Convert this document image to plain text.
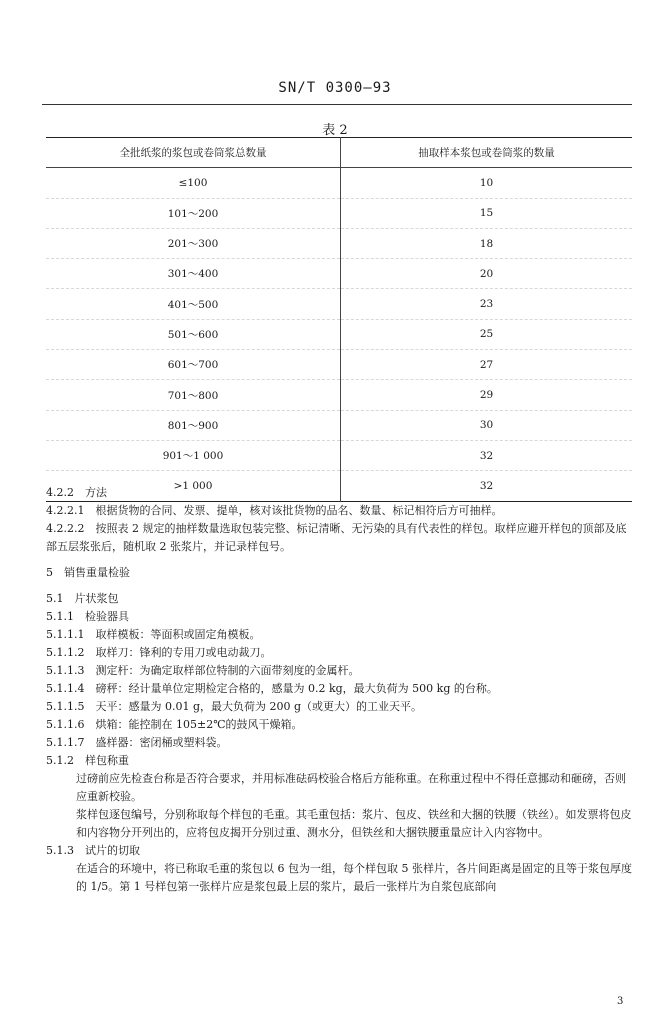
SN/T 0300—93
表 2
全批纸浆的浆包或卷筒浆总数量	抽取样本浆包或卷筒浆的数量
≤100	10
101～200	15
201～300	18
301～400	20
401～500	23
501～600	25
601～700	27
701～800	29
801～900	30
901～1 000	32
>1 000	32
4.2.2　方法
4.2.2.1　根据货物的合同、发票、提单，核对该批货物的品名、数量、标记相符后方可抽样。
4.2.2.2　按照表 2 规定的抽样数量选取包装完整、标记清晰、无污染的具有代表性的样包。取样应避开样包的顶部及底部五层浆张后，随机取 2 张浆片，并记录样包号。
5　销售重量检验
5.1　片状浆包
5.1.1　检验器具
5.1.1.1　取样模板：等面积或固定角模板。
5.1.1.2　取样刀：锋利的专用刀或电动裁刀。
5.1.1.3　测定杆：为确定取样部位特制的六面带刻度的金属杆。
5.1.1.4　磅秤：经计量单位定期检定合格的，感量为 0.2 kg，最大负荷为 500 kg 的台称。
5.1.1.5　天平：感量为 0.01 g，最大负荷为 200 g（或更大）的工业天平。
5.1.1.6　烘箱：能控制在 105±2℃的鼓风干燥箱。
5.1.1.7　盛样器：密闭桶或塑料袋。
5.1.2　样包称重
过磅前应先检查台称是否符合要求，并用标准砝码校验合格后方能称重。在称重过程中不得任意挪动和砸磅，否则应重新校验。
浆样包逐包编号，分别称取每个样包的毛重。其毛重包括：浆片、包皮、铁丝和大捆的铁腰（铁丝）。如发票将包皮和内容物分开列出的，应将包皮揭开分别过重、测水分，但铁丝和大捆铁腰重量应计入内容物中。
5.1.3　试片的切取
在适合的环境中，将已称取毛重的浆包以 6 包为一组，每个样包取 5 张样片，各片间距离是固定的且等于浆包厚度的 1/5。第 1 号样包第一张样片应是浆包最上层的浆片，最后一张样片为自浆包底部向
3
